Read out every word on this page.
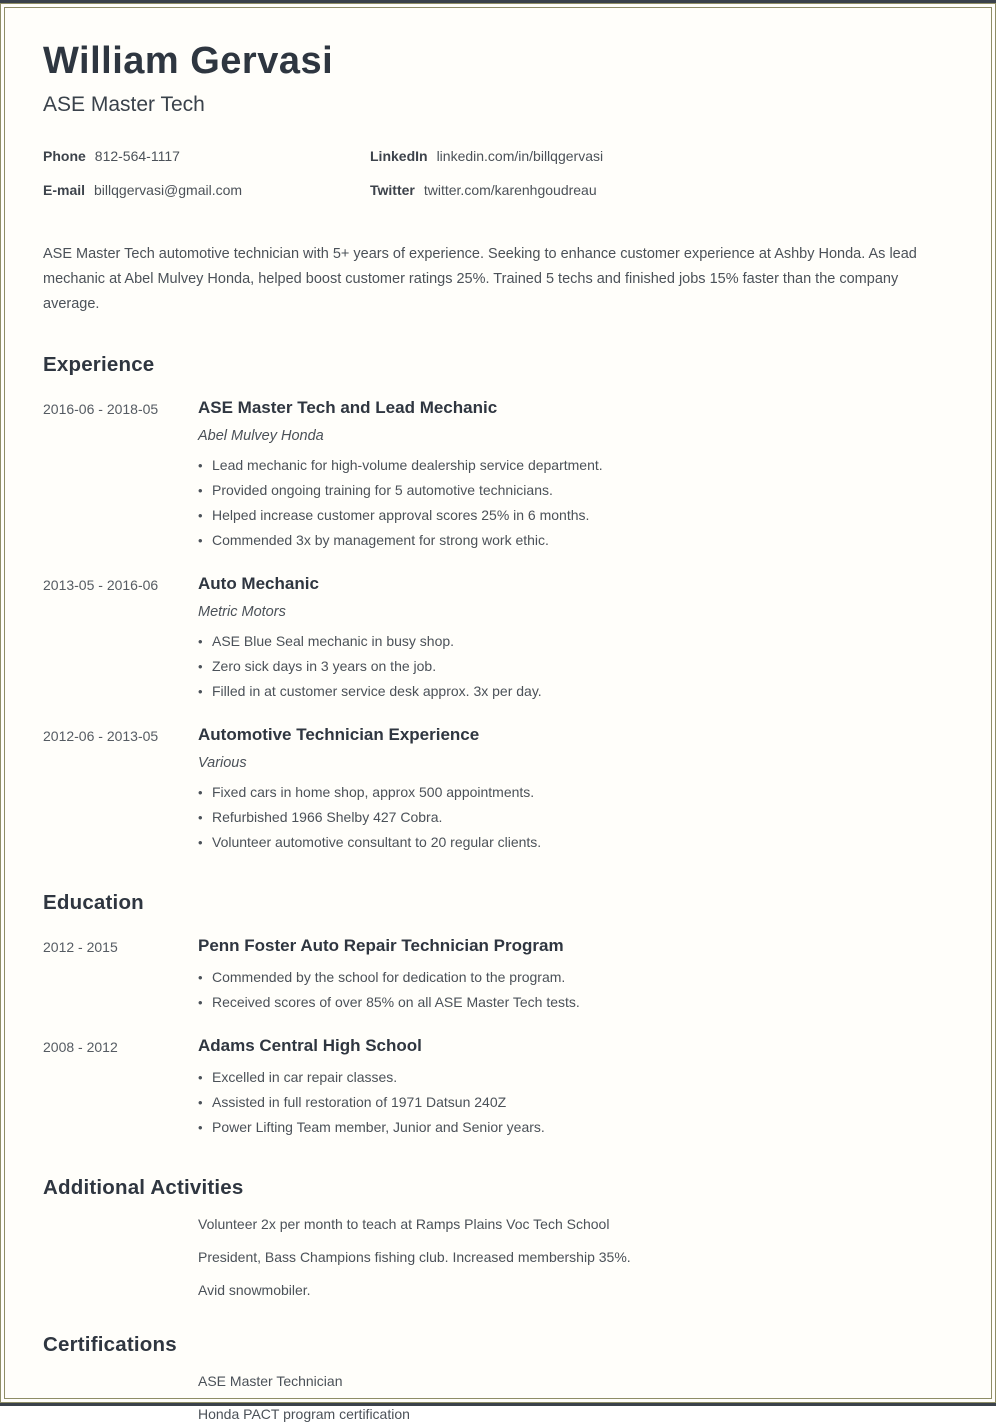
William Gervasi
ASE Master Tech
Phone 812-564-1117	LinkedIn linkedin.com/in/billqgervasi
E-mail billqgervasi@gmail.com	Twitter twitter.com/karenhgoudreau

ASE Master Tech automotive technician with 5+ years of experience. Seeking to enhance customer experience at Ashby Honda. As lead mechanic at Abel Mulvey Honda, helped boost customer ratings 25%. Trained 5 techs and finished jobs 15% faster than the company average.

Experience
2016-06 - 2018-05	ASE Master Tech and Lead Mechanic
Abel Mulvey Honda
• Lead mechanic for high-volume dealership service department.
• Provided ongoing training for 5 automotive technicians.
• Helped increase customer approval scores 25% in 6 months.
• Commended 3x by management for strong work ethic.
2013-05 - 2016-06	Auto Mechanic
Metric Motors
• ASE Blue Seal mechanic in busy shop.
• Zero sick days in 3 years on the job.
• Filled in at customer service desk approx. 3x per day.
2012-06 - 2013-05	Automotive Technician Experience
Various
• Fixed cars in home shop, approx 500 appointments.
• Refurbished 1966 Shelby 427 Cobra.
• Volunteer automotive consultant to 20 regular clients.
Education
2012 - 2015	Penn Foster Auto Repair Technician Program
• Commended by the school for dedication to the program.
• Received scores of over 85% on all ASE Master Tech tests.
2008 - 2012	Adams Central High School
• Excelled in car repair classes.
• Assisted in full restoration of 1971 Datsun 240Z
• Power Lifting Team member, Junior and Senior years.
Additional Activities

Volunteer 2x per month to teach at Ramps Plains Voc Tech School

President, Bass Champions fishing club. Increased membership 35%.

Avid snowmobiler.

Certifications

ASE Master Technician

Honda PACT program certification
